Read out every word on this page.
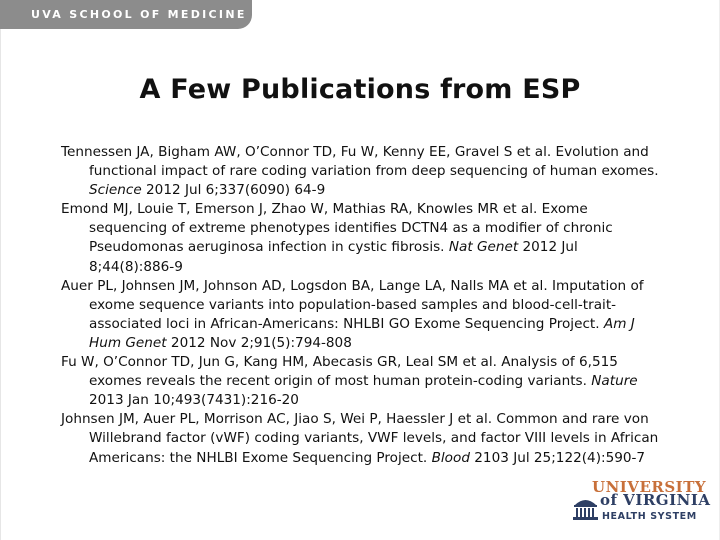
UVA SCHOOL OF MEDICINE
A Few Publications from ESP

Tennessen JA, Bigham AW, O’Connor TD, Fu W, Kenny EE, Gravel S et al. Evolution and functional impact of rare coding variation from deep sequencing of human exomes. Science 2012 Jul 6;337(6090) 64-9

Emond MJ, Louie T, Emerson J, Zhao W, Mathias RA, Knowles MR et al. Exome sequencing of extreme phenotypes identifies DCTN4 as a modifier of chronic Pseudomonas aeruginosa infection in cystic fibrosis. Nat Genet 2012 Jul 8;44(8):886-9

Auer PL, Johnsen JM, Johnson AD, Logsdon BA, Lange LA, Nalls MA et al. Imputation of exome sequence variants into population-based samples and blood-cell-trait-associated loci in African-Americans: NHLBI GO Exome Sequencing Project. Am J Hum Genet 2012 Nov 2;91(5):794-808

Fu W, O’Connor TD, Jun G, Kang HM, Abecasis GR, Leal SM et al. Analysis of 6,515 exomes reveals the recent origin of most human protein-coding variants. Nature 2013 Jan 10;493(7431):216-20

Johnsen JM, Auer PL, Morrison AC, Jiao S, Wei P, Haessler J et al. Common and rare von Willebrand factor (vWF) coding variants, VWF levels, and factor VIII levels in African Americans: the NHLBI Exome Sequencing Project. Blood 2103 Jul 25;122(4):590-7

UNIVERSITY
of VIRGINIA
HEALTH SYSTEM
